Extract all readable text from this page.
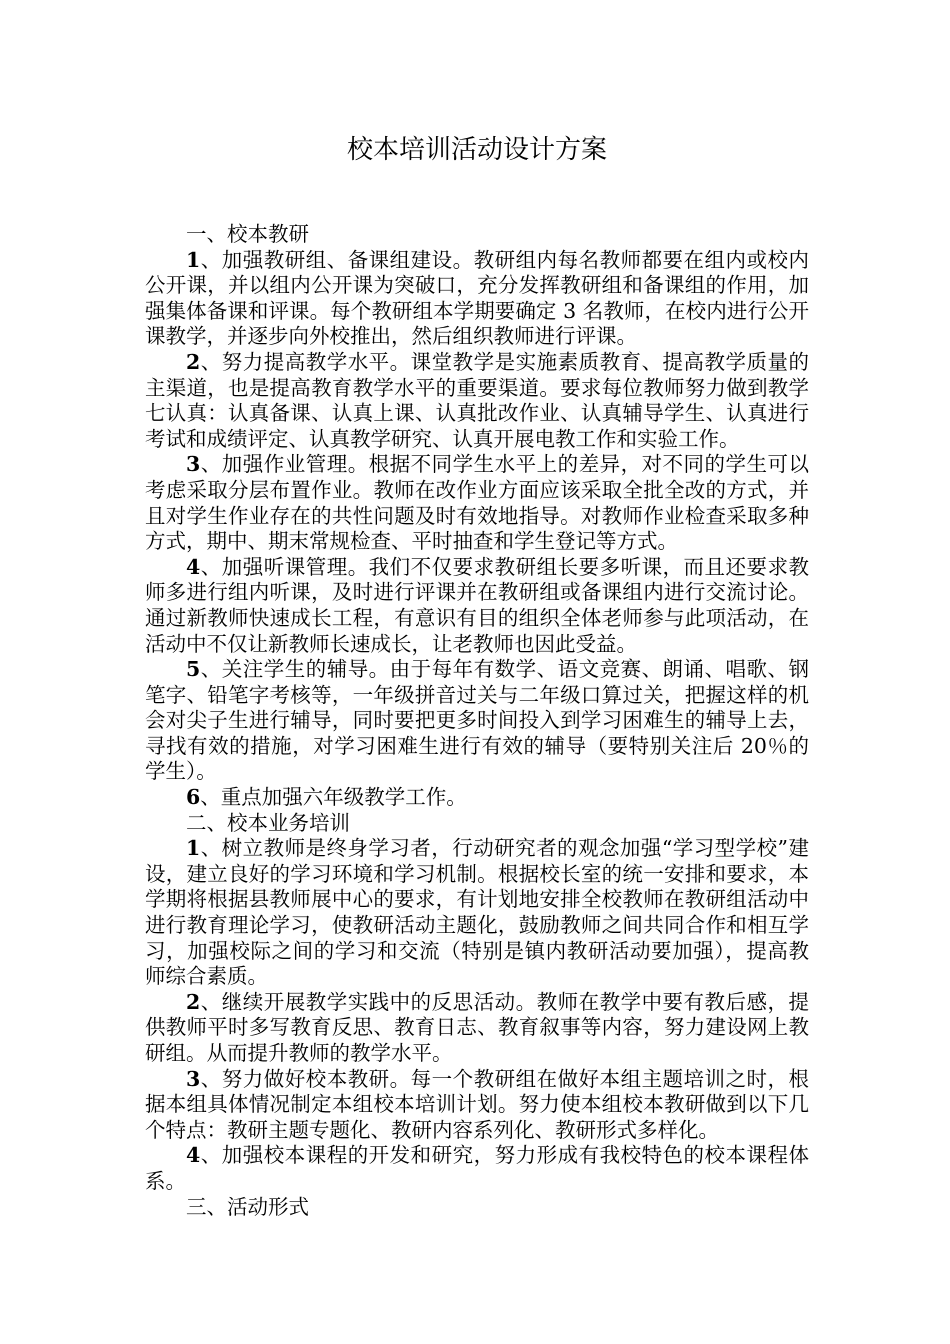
校本培训活动设计方案

一、校本教研

1、加强教研组、备课组建设。教研组内每名教师都要在组内或校内公开课，并以组内公开课为突破口，充分发挥教研组和备课组的作用，加强集体备课和评课。每个教研组本学期要确定 3 名教师，在校内进行公开课教学，并逐步向外校推出，然后组织教师进行评课。

2、努力提高教学水平。课堂教学是实施素质教育、提高教学质量的主渠道，也是提高教育教学水平的重要渠道。要求每位教师努力做到教学七认真：认真备课、认真上课、认真批改作业、认真辅导学生、认真进行考试和成绩评定、认真教学研究、认真开展电教工作和实验工作。

3、加强作业管理。根据不同学生水平上的差异，对不同的学生可以考虑采取分层布置作业。教师在改作业方面应该采取全批全改的方式，并且对学生作业存在的共性问题及时有效地指导。对教师作业检查采取多种方式，期中、期末常规检查、平时抽查和学生登记等方式。

4、加强听课管理。我们不仅要求教研组长要多听课，而且还要求教师多进行组内听课，及时进行评课并在教研组或备课组内进行交流讨论。通过新教师快速成长工程，有意识有目的组织全体老师参与此项活动，在活动中不仅让新教师长速成长，让老教师也因此受益。

5、关注学生的辅导。由于每年有数学、语文竞赛、朗诵、唱歌、钢笔字、铅笔字考核等，一年级拼音过关与二年级口算过关，把握这样的机会对尖子生进行辅导，同时要把更多时间投入到学习困难生的辅导上去，寻找有效的措施，对学习困难生进行有效的辅导（要特别关注后 20％的学生）。

6、重点加强六年级教学工作。

二、校本业务培训

1、树立教师是终身学习者，行动研究者的观念加强“学习型学校”建设，建立良好的学习环境和学习机制。根据校长室的统一安排和要求，本学期将根据县教师展中心的要求，有计划地安排全校教师在教研组活动中进行教育理论学习，使教研活动主题化，鼓励教师之间共同合作和相互学习，加强校际之间的学习和交流（特别是镇内教研活动要加强），提高教师综合素质。

2、继续开展教学实践中的反思活动。教师在教学中要有教后感，提供教师平时多写教育反思、教育日志、教育叙事等内容，努力建设网上教研组。从而提升教师的教学水平。

3、努力做好校本教研。每一个教研组在做好本组主题培训之时，根据本组具体情况制定本组校本培训计划。努力使本组校本教研做到以下几个特点：教研主题专题化、教研内容系列化、教研形式多样化。

4、加强校本课程的开发和研究，努力形成有我校特色的校本课程体系。

三、活动形式
